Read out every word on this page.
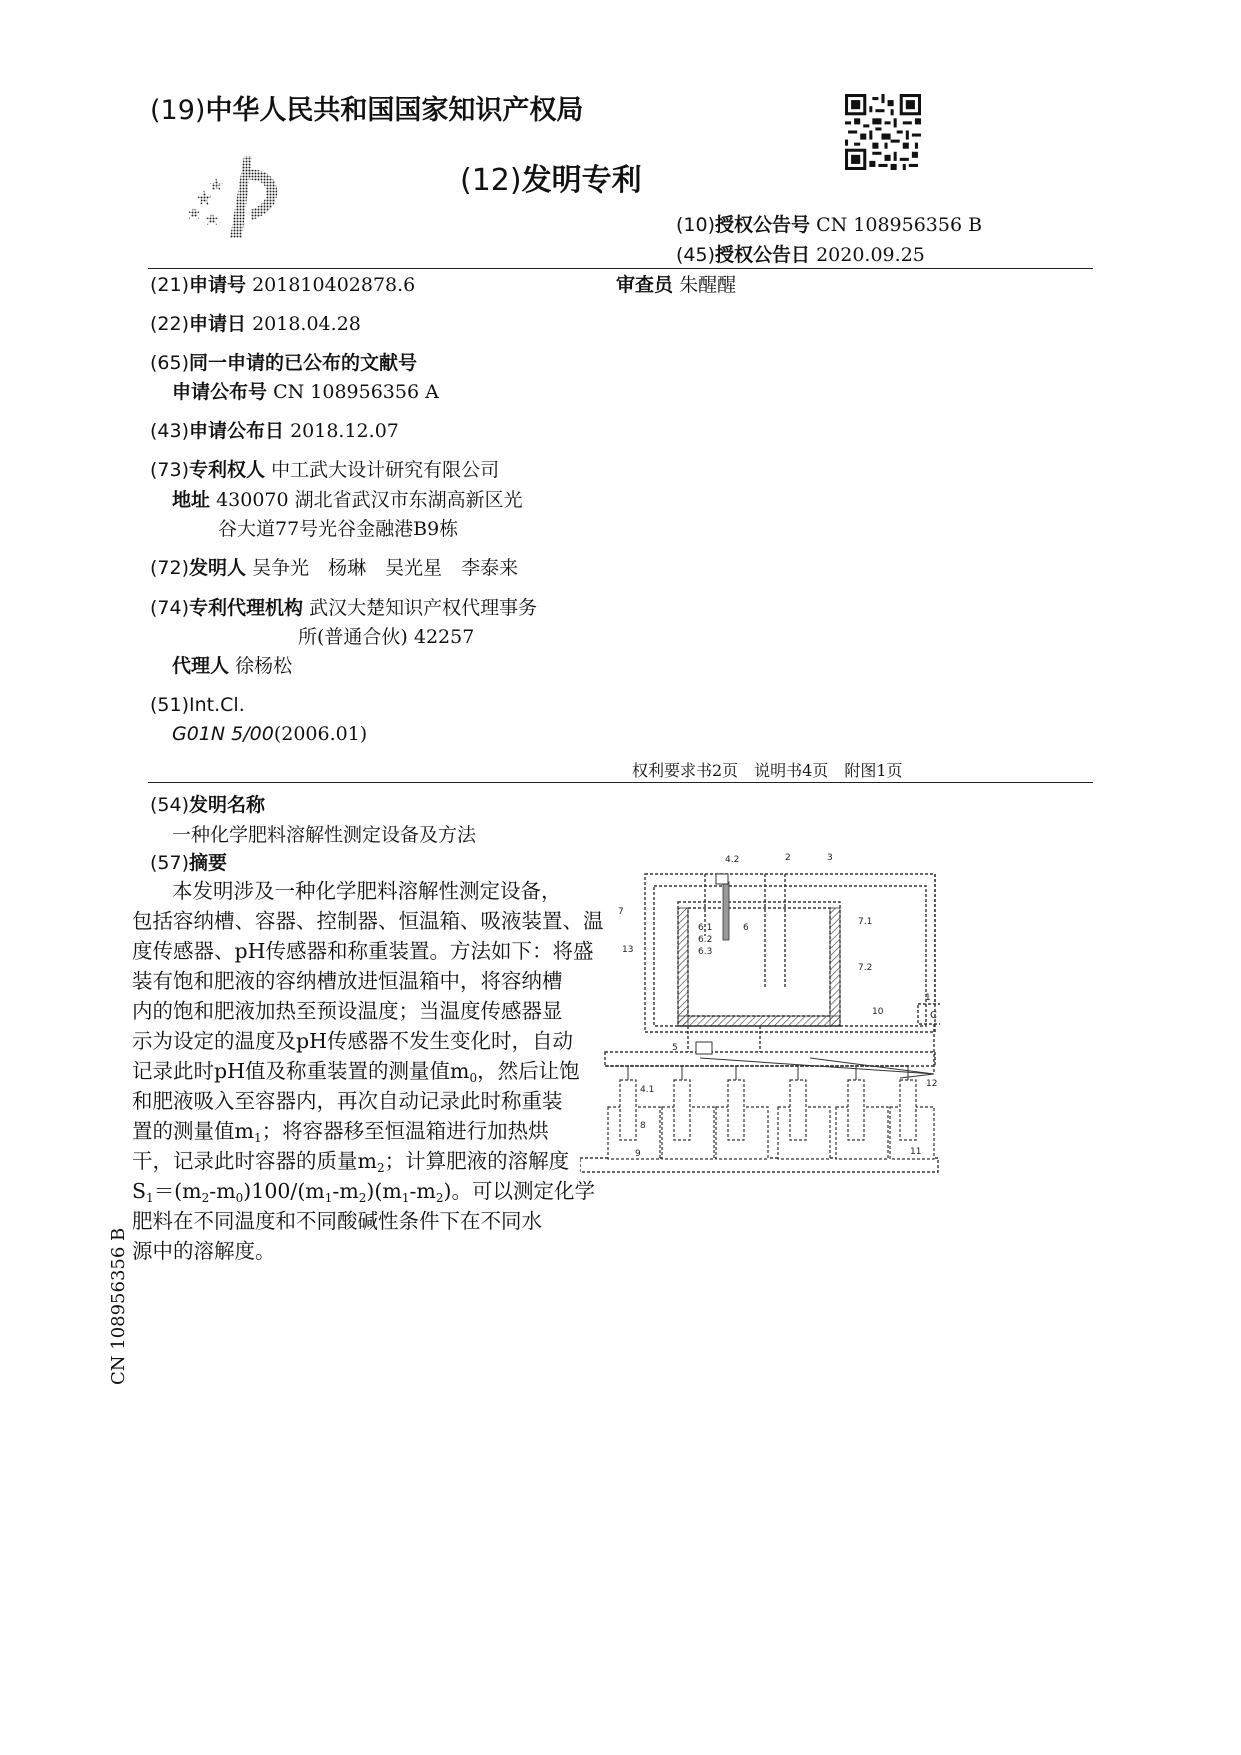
(19)中华人民共和国国家知识产权局
(12)发明专利
(10)授权公告号 CN 108956356 B
(45)授权公告日 2020.09.25
(21)申请号 201810402878.6	审查员 朱醒醒
(22)申请日 2018.04.28
(65)同一申请的已公布的文献号
申请公布号 CN 108956356 A
(43)申请公布日 2018.12.07
(73)专利权人 中工武大设计研究有限公司
地址 430070 湖北省武汉市东湖高新区光
谷大道77号光谷金融港B9栋
(72)发明人 吴争光　杨琳　吴光星　李泰来
(74)专利代理机构 武汉大楚知识产权代理事务
所(普通合伙) 42257
代理人 徐杨松
(51)Int.Cl.
G01N 5/00(2006.01)
权利要求书2页　说明书4页　附图1页
(54)发明名称
一种化学肥料溶解性测定设备及方法
(57)摘要
本发明涉及一种化学肥料溶解性测定设备，
包括容纳槽、容器、控制器、恒温箱、吸液装置、温
度传感器、pH传感器和称重装置。方法如下：将盛
装有饱和肥液的容纳槽放进恒温箱中，将容纳槽
内的饱和肥液加热至预设温度；当温度传感器显
示为设定的温度及pH传感器不发生变化时，自动
记录此时pH值及称重装置的测量值$m_0$，然后让饱
和肥液吸入至容器内，再次自动记录此时称重装
置的测量值$m_1$；将容器移至恒温箱进行加热烘
干，记录此时容器的质量$m_2$；计算肥液的溶解度
$S_1=(m_2-m_0)100/(m_1-m_2)(m_1-m_2)$。可以测定化学
肥料在不同温度和不同酸碱性条件下在不同水
源中的溶解度。
CN 108956356 B
4.2	2	3
7
7.1
6.1	6
6.2
6.3
7.2
13
10
1
5
12
4.1
8
9	11
C
